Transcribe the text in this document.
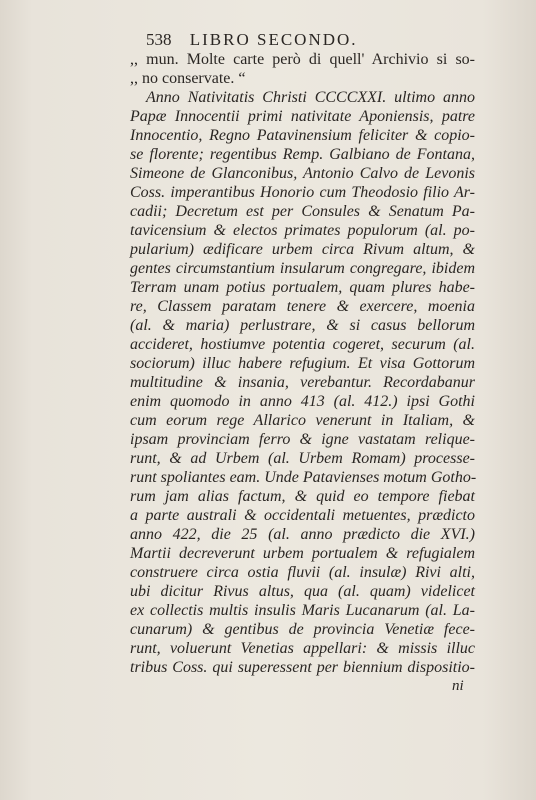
538 LIBRO SECONDO.
,, mun. Molte carte però di quell' Archivio si so-
,, no conservate. “
Anno Nativitatis Christi CCCCXXI. ultimo anno
Papæ Innocentii primi nativitate Aponiensis, patre
Innocentio, Regno Patavinensium feliciter & copio-
se florente; regentibus Remp. Galbiano de Fontana,
Simeone de Glanconibus, Antonio Calvo de Levonis
Coss. imperantibus Honorio cum Theodosio filio Ar-
cadii; Decretum est per Consules & Senatum Pa-
tavicensium & electos primates populorum (al. po-
pularium) ædificare urbem circa Rivum altum, &
gentes circumstantium insularum congregare, ibidem
Terram unam potius portualem, quam plures habe-
re, Classem paratam tenere & exercere, moenia
(al. & maria) perlustrare, & si casus bellorum
accideret, hostiumve potentia cogeret, securum (al.
sociorum) illuc habere refugium. Et visa Gottorum
multitudine & insania, verebantur. Recordabanur
enim quomodo in anno 413 (al. 412.) ipsi Gothi
cum eorum rege Allarico venerunt in Italiam, &
ipsam provinciam ferro & igne vastatam reliquе-
runt, & ad Urbem (al. Urbem Romam) processe-
runt spoliantes eam. Unde Patavienses motum Gotho-
rum jam alias factum, & quid eo tempore fiebat
a parte australi & occidentali metuentes, prædicto
anno 422, die 25 (al. anno prædicto die XVI.)
Martii decreverunt urbem portualem & refugialem
construere circa ostia fluvii (al. insulæ) Rivi alti,
ubi dicitur Rivus altus, qua (al. quam) videlicet
ex collectis multis insulis Maris Lucanarum (al. La-
cunarum) & gentibus de provincia Venetiæ fece-
runt, voluerunt Venetias appellari: & missis illuc
tribus Coss. qui superessent per biennium dispositio-
ni
